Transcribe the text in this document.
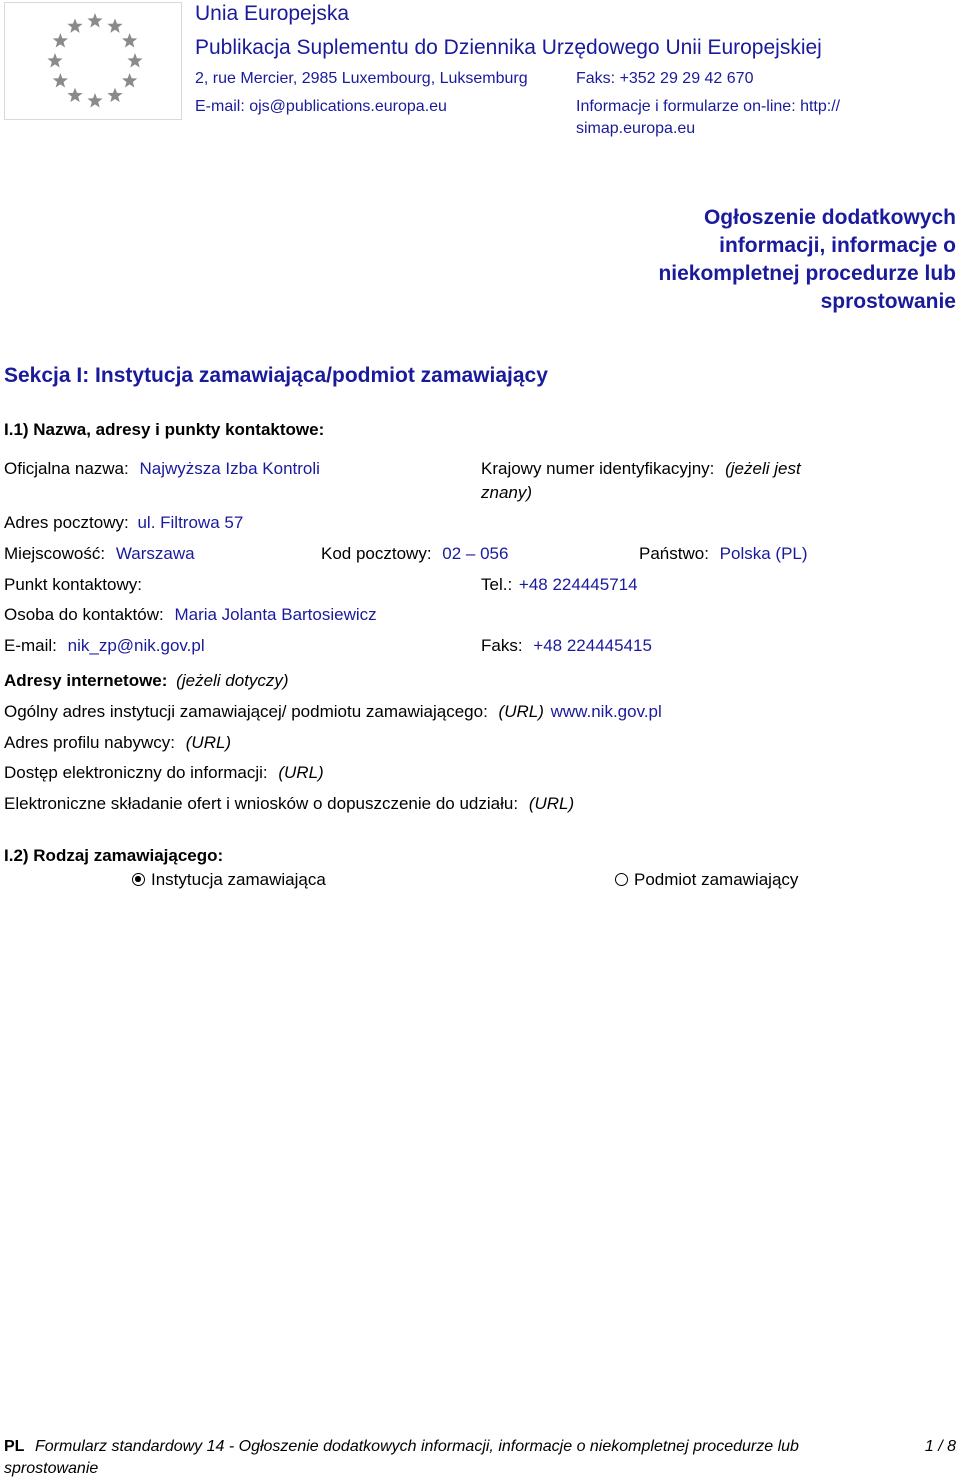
Unia Europejska
Publikacja Suplementu do Dziennika Urzędowego Unii Europejskiej
2, rue Mercier, 2985 Luxembourg, Luksemburg	Faks: +352 29 29 42 670
E-mail: ojs@publications.europa.eu	Informacje i formularze on-line: http://
simap.europa.eu
Ogłoszenie dodatkowych
informacji, informacje o
niekompletnej procedurze lub
sprostowanie
Sekcja I: Instytucja zamawiająca/podmiot zamawiający
I.1) Nazwa, adresy i punkty kontaktowe:
Oficjalna nazwa: Najwyższa Izba Kontroli	Krajowy numer identyfikacyjny: (jeżeli jest
znany)
Adres pocztowy: ul. Filtrowa 57
Miejscowość: Warszawa	Kod pocztowy: 02 – 056	Państwo: Polska (PL)
Punkt kontaktowy:	Tel.: +48 224445714
Osoba do kontaktów: Maria Jolanta Bartosiewicz
E-mail: nik_zp@nik.gov.pl	Faks: +48 224445415
Adresy internetowe: (jeżeli dotyczy)
Ogólny adres instytucji zamawiającej/ podmiotu zamawiającego: (URL) www.nik.gov.pl
Adres profilu nabywcy: (URL)
Dostęp elektroniczny do informacji: (URL)
Elektroniczne składanie ofert i wniosków o dopuszczenie do udziału: (URL)
I.2) Rodzaj zamawiającego:
Instytucja zamawiająca	Podmiot zamawiający
PL Formularz standardowy 14 - Ogłoszenie dodatkowych informacji, informacje o niekompletnej procedurze lub
sprostowanie
1 / 8
